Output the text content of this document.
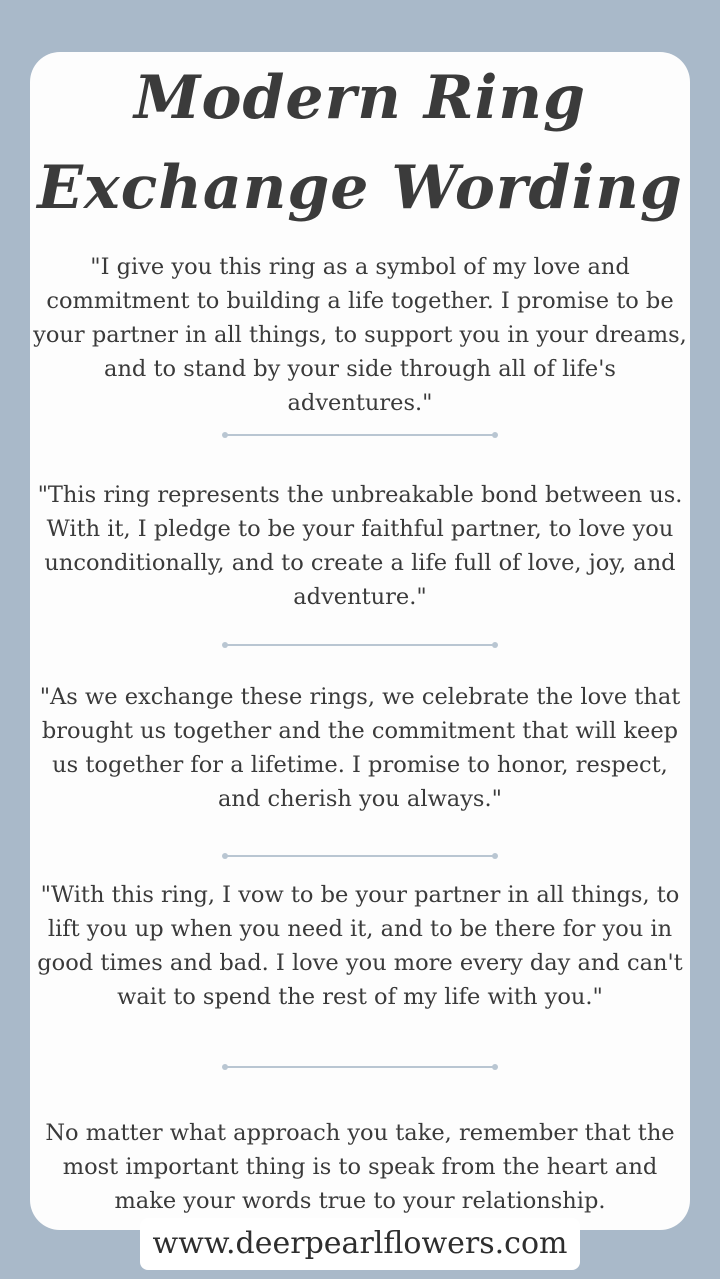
Modern Ring
Exchange Wording

"I give you this ring as a symbol of my love and commitment to building a life together. I promise to be your partner in all things, to support you in your dreams, and to stand by your side through all of life's adventures."

"This ring represents the unbreakable bond between us. With it, I pledge to be your faithful partner, to love you unconditionally, and to create a life full of love, joy, and adventure."

"As we exchange these rings, we celebrate the love that brought us together and the commitment that will keep us together for a lifetime. I promise to honor, respect, and cherish you always."

"With this ring, I vow to be your partner in all things, to lift you up when you need it, and to be there for you in good times and bad. I love you more every day and can't wait to spend the rest of my life with you."

No matter what approach you take, remember that the most important thing is to speak from the heart and make your words true to your relationship.

www.deerpearlflowers.com
